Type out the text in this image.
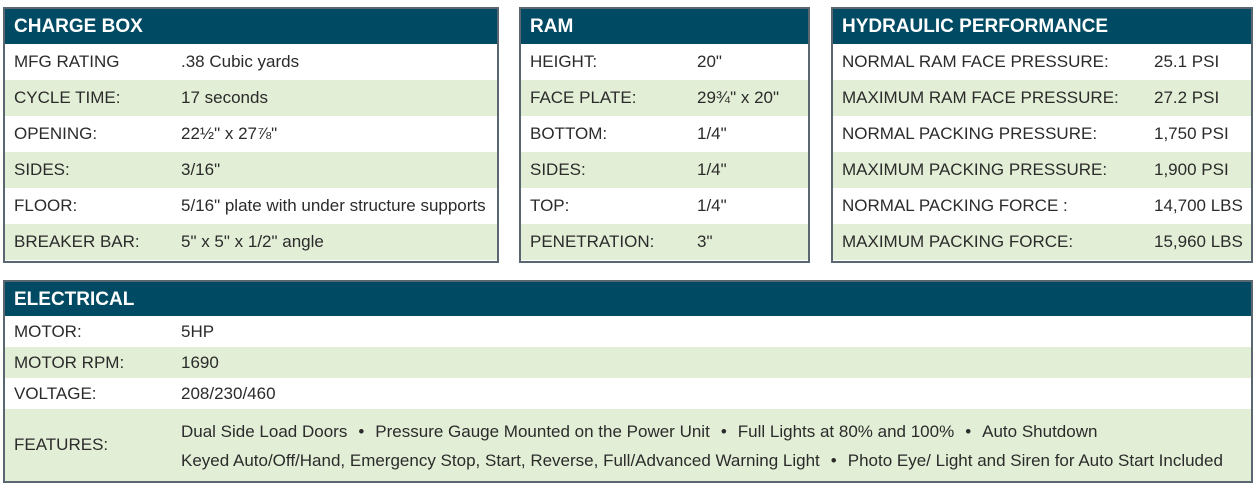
CHARGE BOX
MFG RATING	.38 Cubic yards
CYCLE TIME:	17 seconds
OPENING:	22½" x 27⅞"
SIDES:	3/16"
FLOOR:	5/16" plate with under structure supports
BREAKER BAR: 5" x 5" x 1/2" angle
RAM
HEIGHT:	20"
FACE PLATE:	29¾" x 20"
BOTTOM:	1/4"
SIDES:	1/4"
TOP:	1/4"
PENETRATION:	3"
HYDRAULIC PERFORMANCE
NORMAL RAM FACE PRESSURE:	25.1 PSI
MAXIMUM RAM FACE PRESSURE: 27.2 PSI
NORMAL PACKING PRESSURE:	1,750 PSI
MAXIMUM PACKING PRESSURE:	1,900 PSI
NORMAL PACKING FORCE :	14,700 LBS
MAXIMUM PACKING FORCE:	15,960 LBS
ELECTRICAL
MOTOR:	5HP
MOTOR RPM:	1690
VOLTAGE:	208/230/460
FEATURES:
Dual Side Load Doors • Pressure Gauge Mounted on the Power Unit • Full Lights at 80% and 100% • Auto Shutdown
Keyed Auto/Off/Hand, Emergency Stop, Start, Reverse, Full/Advanced Warning Light • Photo Eye/ Light and Siren for Auto Start Included
